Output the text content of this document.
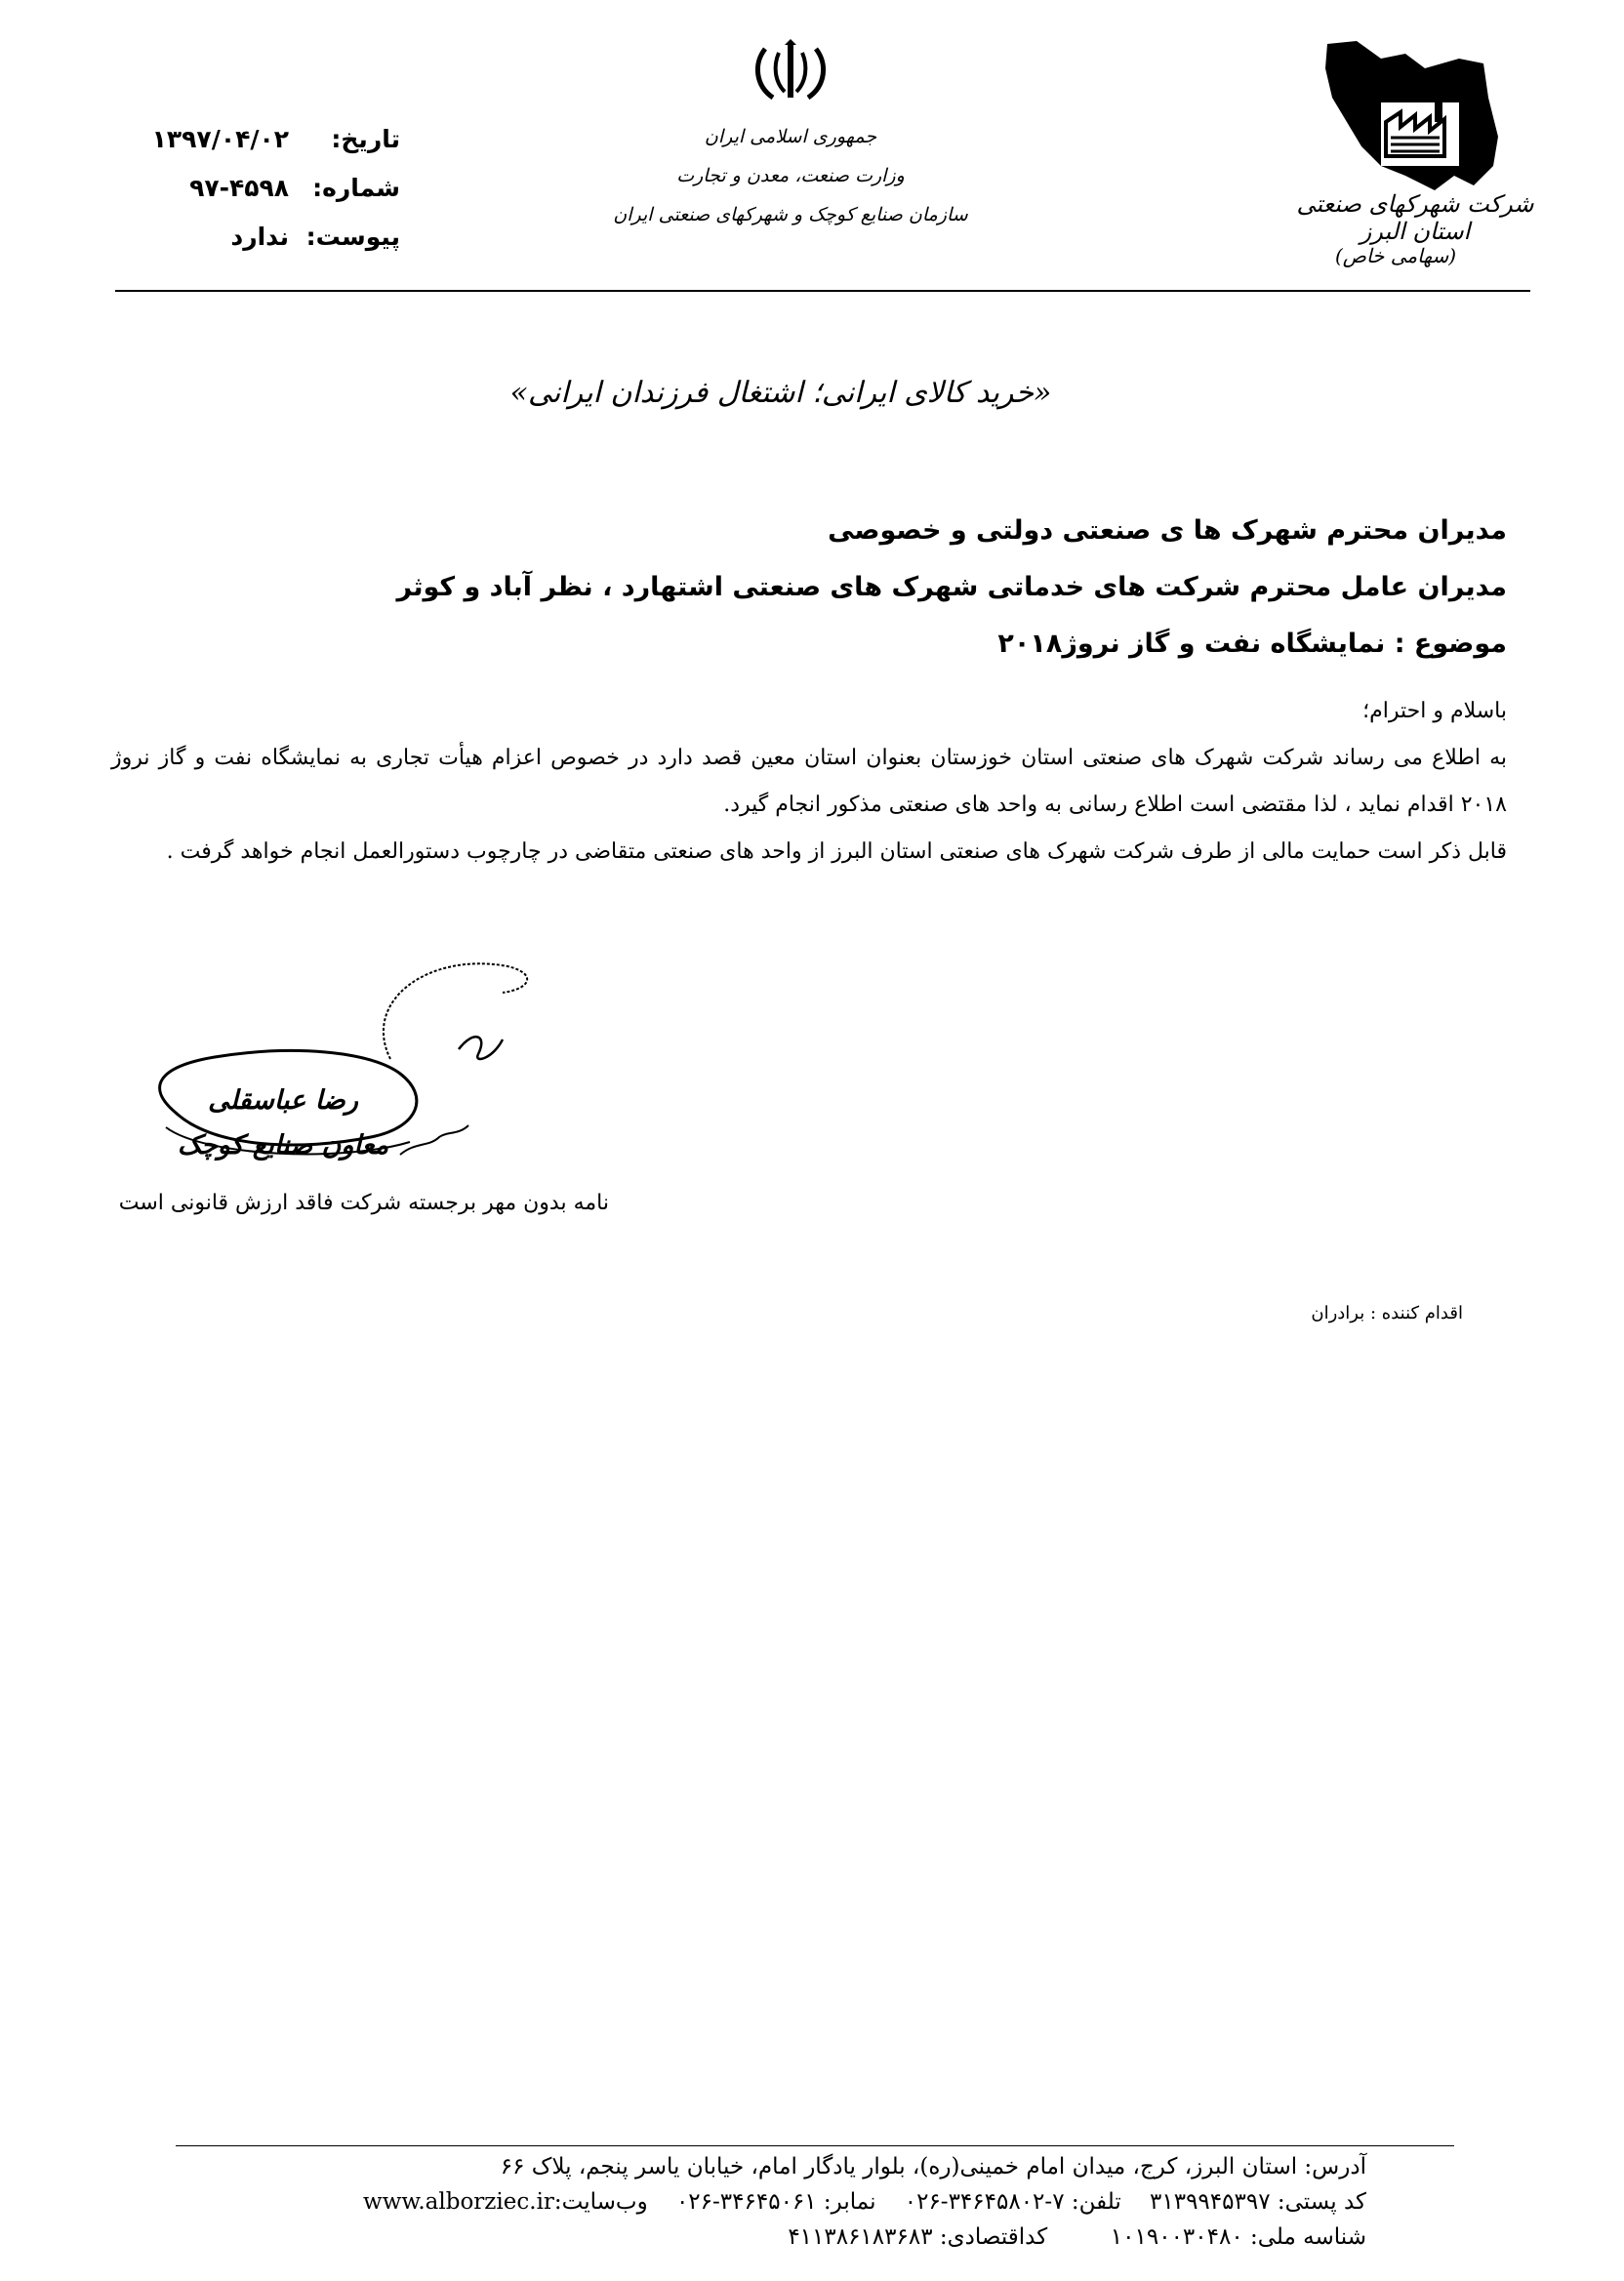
شرکت شهرکهای صنعتی استان البرز
(سهامی خاص)
جمهوری اسلامی ایران
وزارت صنعت، معدن و تجارت
سازمان صنایع کوچک و شهرکهای صنعتی ایران
تاریخ:
۱۳۹۷/۰۴/۰۲
شماره:
۹۷-۴۵۹۸
پیوست:
ندارد
«خرید کالای ایرانی؛ اشتغال فرزندان ایرانی»
مدیران محترم شهرک ها ی صنعتی دولتی و خصوصی
مدیران عامل محترم شرکت های خدماتی شهرک های صنعتی اشتهارد ، نظر آباد و کوثر
موضوع : نمایشگاه نفت و گاز نروژ۲۰۱۸

باسلام و احترام؛

به اطلاع می رساند شرکت شهرک های صنعتی استان خوزستان بعنوان استان معین قصد دارد در خصوص اعزام هیأت تجاری به نمایشگاه نفت و گاز نروژ ۲۰۱۸ اقدام نماید ، لذا مقتضی است اطلاع رسانی به واحد های صنعتی مذکور انجام گیرد.

قابل ذکر است حمایت مالی از طرف شرکت شهرک های صنعتی استان البرز از واحد های صنعتی متقاضی در چارچوب دستورالعمل انجام خواهد گرفت .

رضا عباسقلی
معاون صنایع کوچک
نامه بدون مهر برجسته شرکت فاقد ارزش قانونی است
اقدام کننده : برادران
آدرس: استان البرز، کرج، میدان امام خمینی(ره)، بلوار یادگار امام، خیابان یاسر پنجم، پلاک ۶۶
کد پستی: ۳۱۳۹۹۴۵۳۹۷    تلفن: ۷-۳۴۶۴۵۸۰۲-۰۲۶    نمابر: ۳۴۶۴۵۰۶۱-۰۲۶    وب‌سایت:www.alborziec.ir
شناسه ملی: ۱۰۱۹۰۰۳۰۴۸۰  کداقتصادی: ۴۱۱۳۸۶۱۸۳۶۸۳
